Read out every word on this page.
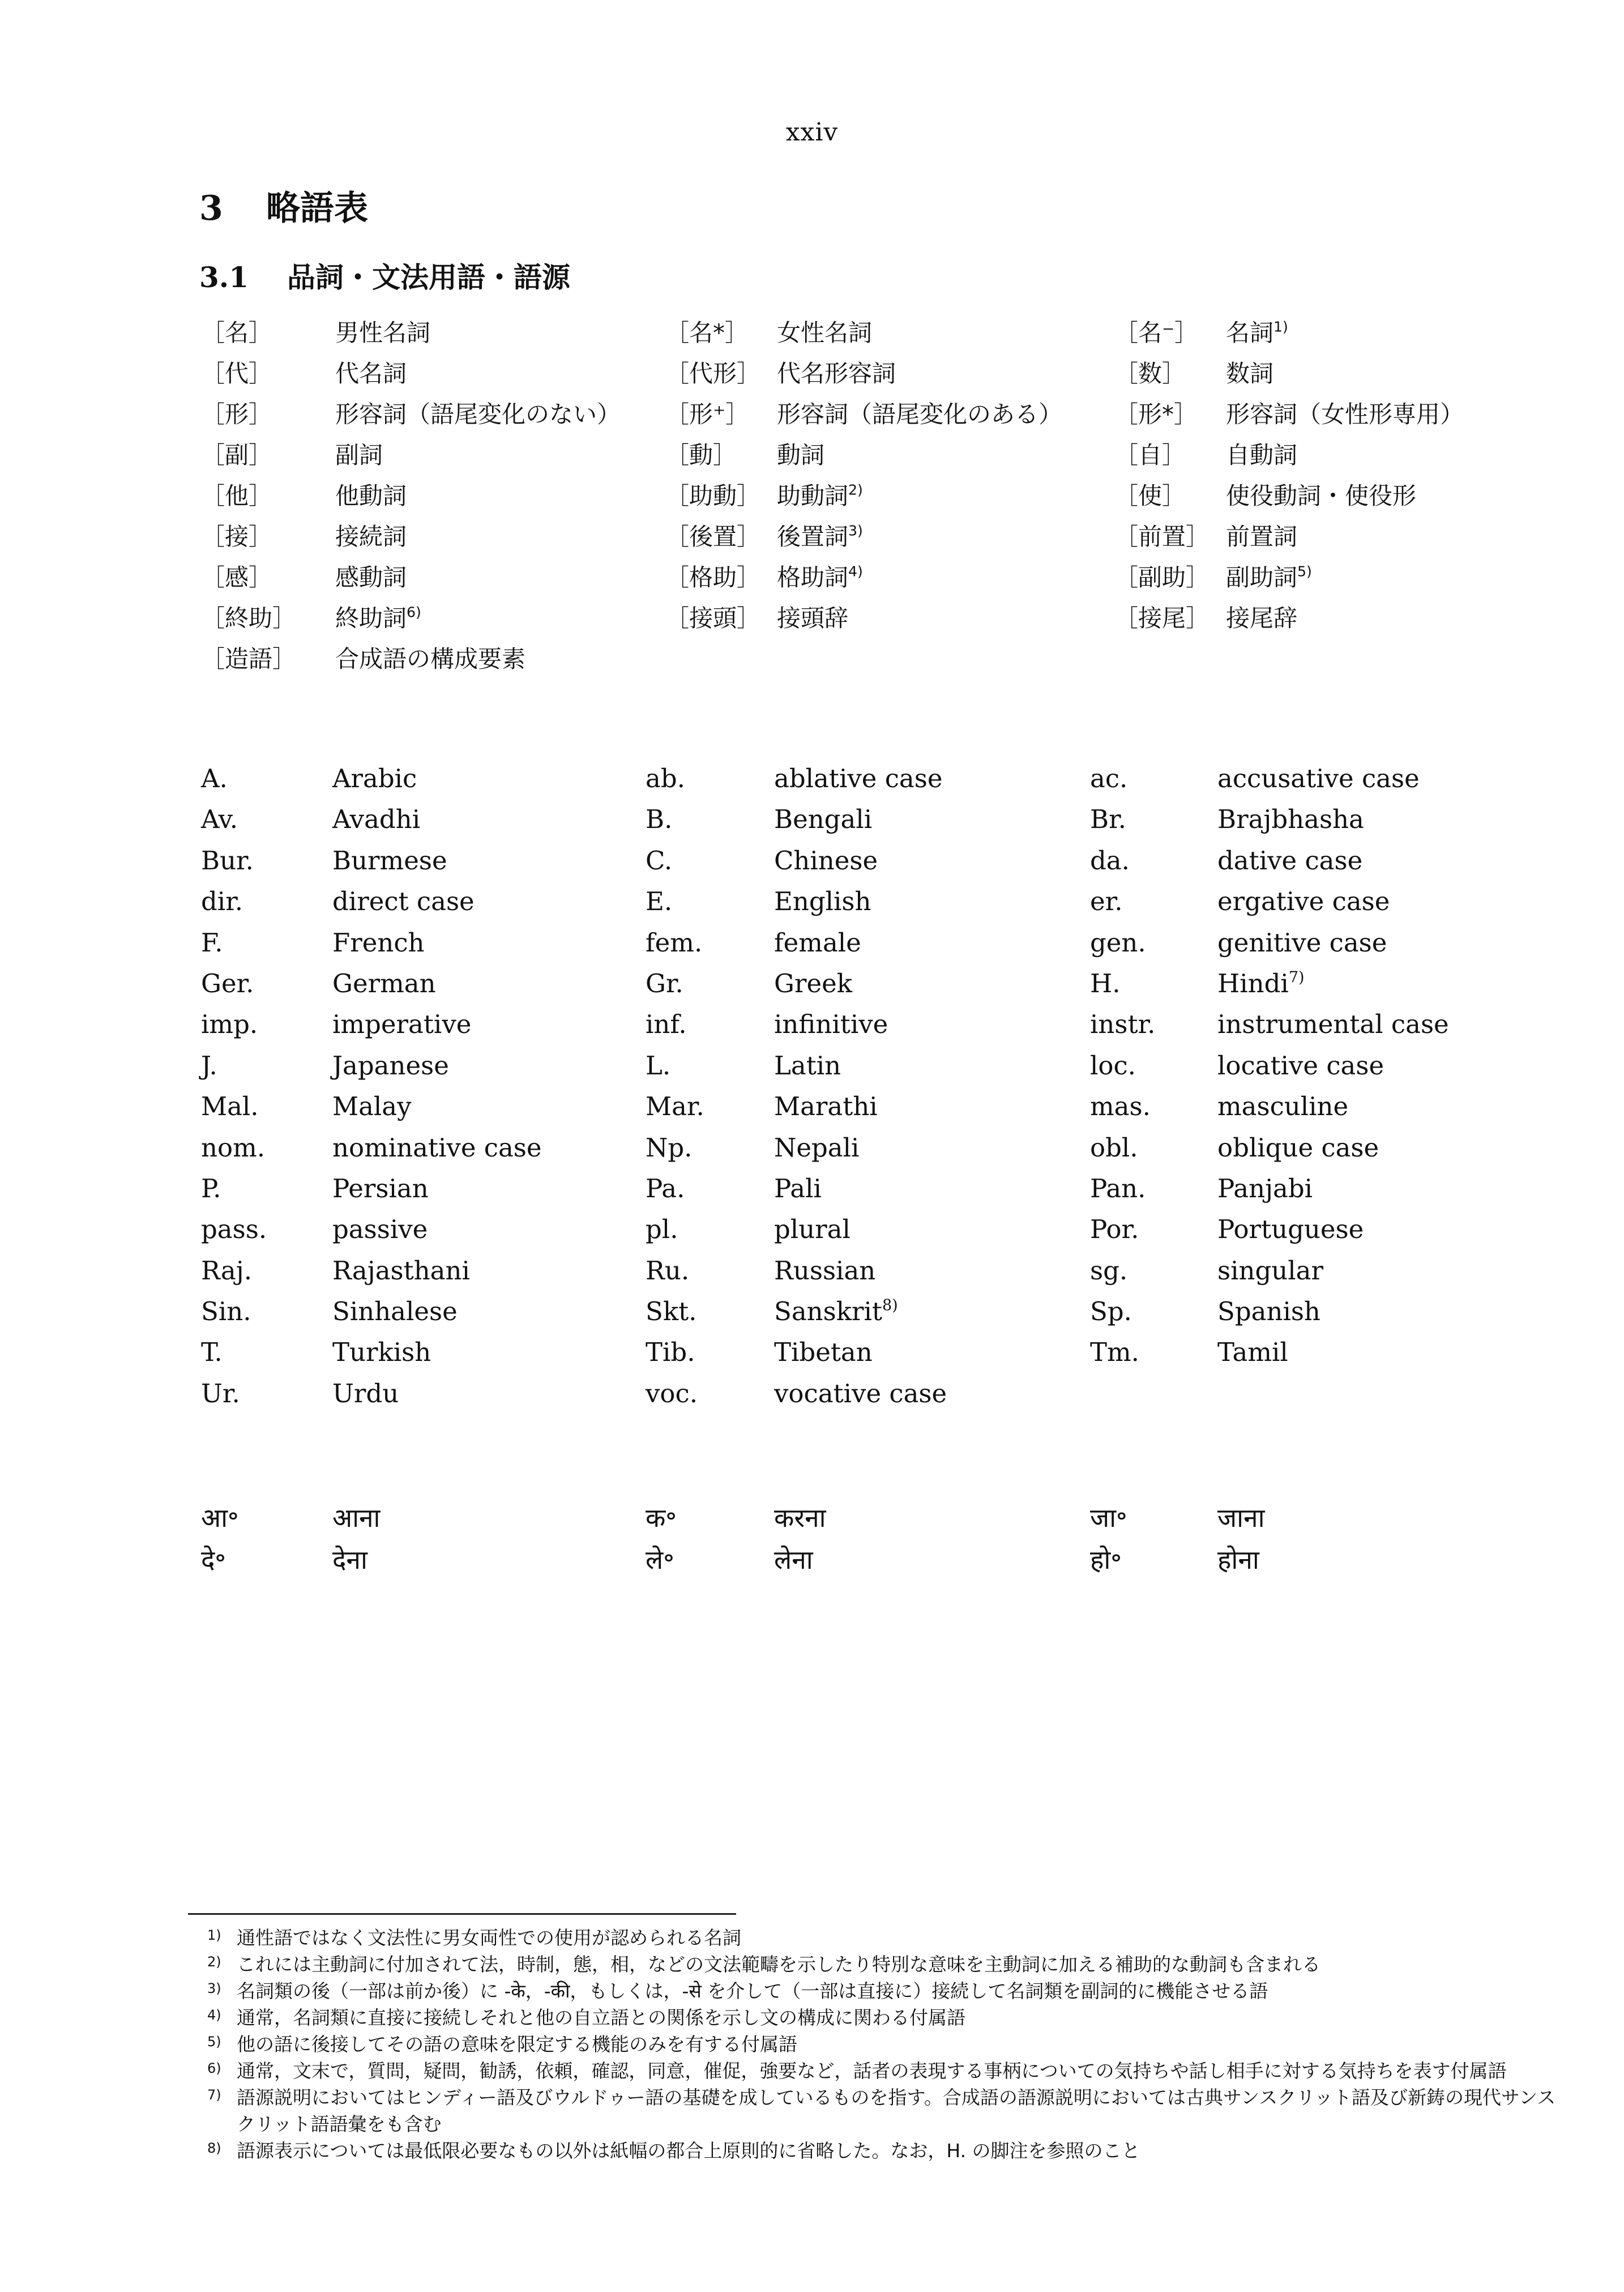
xxiv
3 略語表
3.1 品詞・文法用語・語源
［名］	男性名詞	［名*］ 女性名詞	［名⁻］ 名詞$^{1)}$
［代］	代名詞	［代形］ 代名形容詞	［数］ 数詞
［形］	形容詞（語尾変化のない） ［形⁺］ 形容詞（語尾変化のある） ［形*］ 形容詞（女性形専用）
［副］	副詞	［動］ 動詞	［自］ 自動詞
［他］	他動詞	［助動］ 助動詞$^{2)}$	［使］ 使役動詞・使役形
［接］	接続詞	［後置］ 後置詞$^{3)}$	［前置］ 前置詞
［感］	感動詞	［格助］ 格助詞$^{4)}$	［副助］ 副助詞$^{5)}$
［終助］ 終助詞$^{6)}$	［接頭］ 接頭辞	［接尾］ 接尾辞
［造語］ 合成語の構成要素
A.	Arabic	ab.	ablative case	ac.	accusative case
Av.	Avadhi	B.	Bengali	Br.	Brajbhasha
Bur.	Burmese	C.	Chinese	da.	dative case
dir.	direct case	E.	English	er.	ergative case
F.	French	fem.	female	gen.	genitive case
Ger.	German	Gr.	Greek	H.	Hindi$^{7)}$
imp.	imperative	inf.	infinitive	instr. instrumental case
J.	Japanese	L.	Latin	loc.	locative case
Mal.	Malay	Mar.	Marathi	mas.	masculine
nom.	nominative case	Np.	Nepali	obl.	oblique case
P.	Persian	Pa.	Pali	Pan.	Panjabi
pass.	passive	pl.	plural	Por.	Portuguese
Raj.	Rajasthani	Ru.	Russian	sg.	singular
Sin.	Sinhalese	Skt.	Sanskrit$^{8)}$	Sp.	Spanish
T.	Turkish	Tib.	Tibetan	Tm.	Tamil
Ur.	Urdu	voc.	vocative case
आ॰	आना	क॰	करना	जा॰	जाना
दे॰	देना	ले॰	लेना	हो॰	होना
1) 通性語ではなく文法性に男女両性での使用が認められる名詞
2) これには主動詞に付加されて法，時制，態，相，などの文法範疇を示したり特別な意味を主動詞に加える補助的な動詞も含まれる
3) 名詞類の後（一部は前か後）に -के，-की，もしくは，-से を介して（一部は直接に）接続して名詞類を副詞的に機能させる語
4) 通常，名詞類に直接に接続しそれと他の自立語との関係を示し文の構成に関わる付属語
5) 他の語に後接してその語の意味を限定する機能のみを有する付属語
6) 通常，文末で，質問，疑問，勧誘，依頼，確認，同意，催促，強要など，話者の表現する事柄についての気持ちや話し相手に対する気持ちを表す付属語
7) 語源説明においてはヒンディー語及びウルドゥー語の基礎を成しているものを指す。合成語の語源説明においては古典サンスクリット語及び新鋳の現代サンスクリット語語彙をも含む
8) 語源表示については最低限必要なもの以外は紙幅の都合上原則的に省略した。なお，H. の脚注を参照のこと
